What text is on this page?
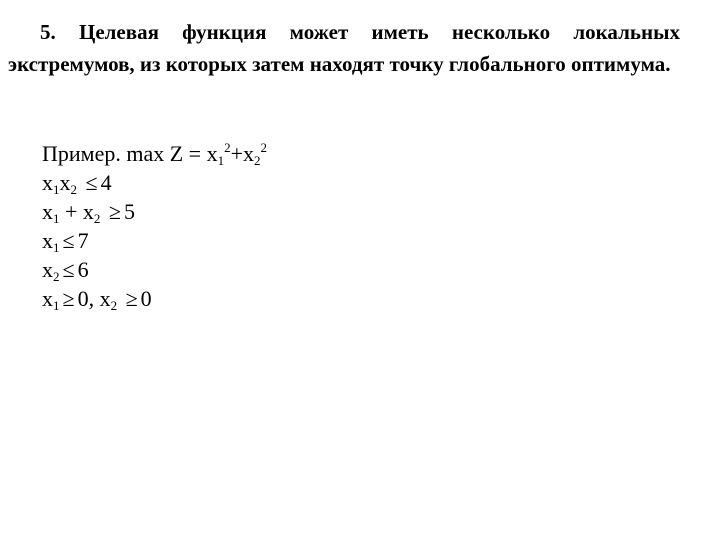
5. Целевая функция может иметь несколько локальных экстремумов, из которых затем находят точку глобального оптимума.

Пример. $\max Z = x_1^2+x_2^2$
$x_1x_2 \le 4$
$x_1 + x_2 \ge 5$
$x_1 \le 7$
$x_2 \le 6$
$x_1 \ge 0$, $x_2 \ge 0$
